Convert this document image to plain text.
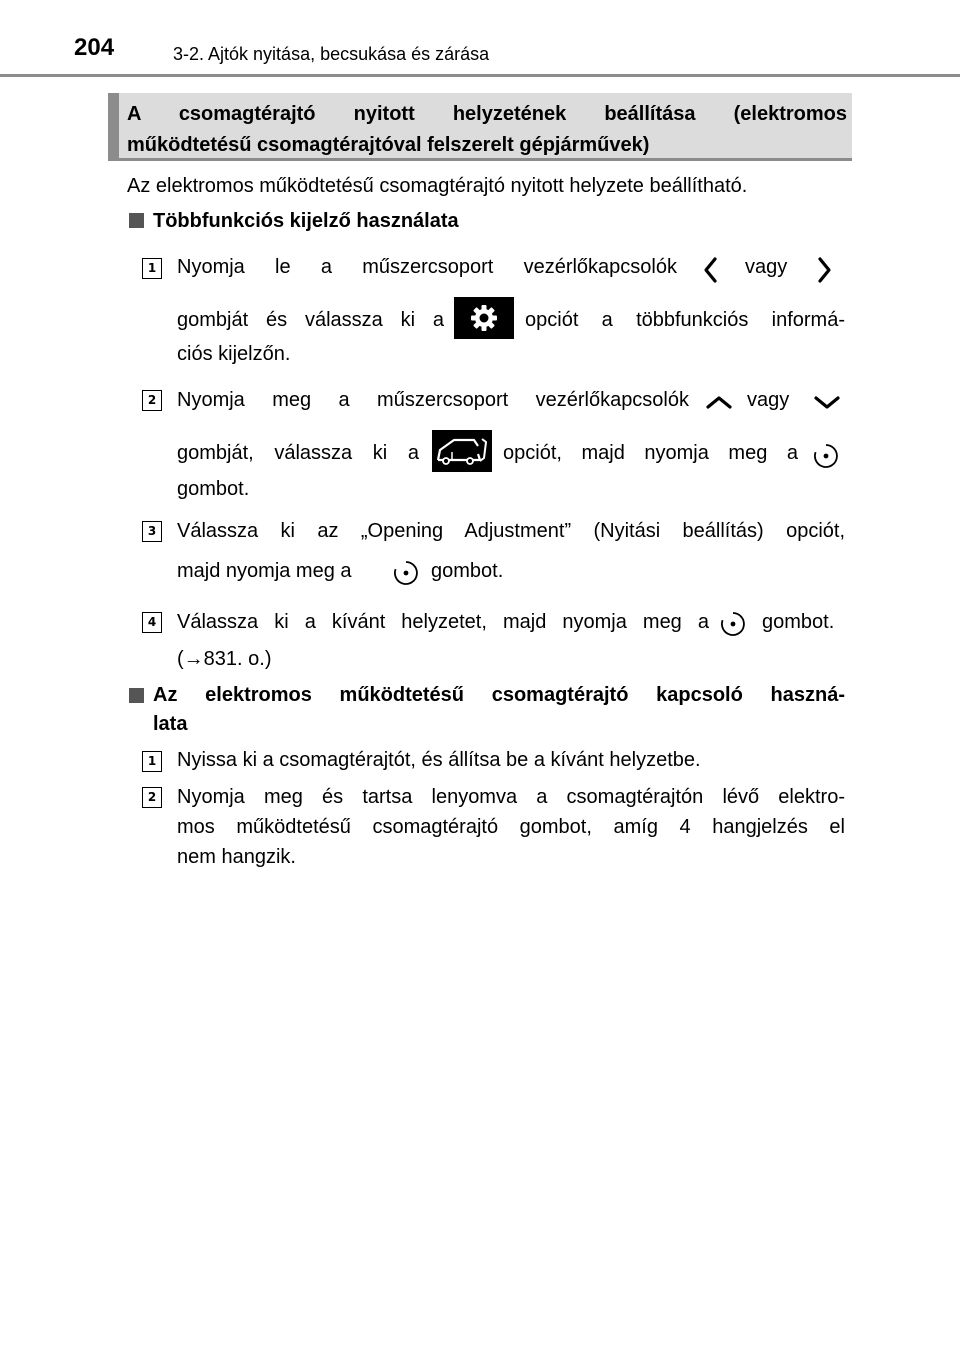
204	3-2. Ajtók nyitása, becsukása és zárása
A csomagtérajtó nyitott helyzetének beállítása (elektromos
működtetésű csomagtérajtóval felszerelt gépjárművek)
Az elektromos működtetésű csomagtérajtó nyitott helyzete beállítható.
Többfunkciós kijelző használata
1 Nyomja le a műszercsoport vezérlőkapcsolók	vagy
gombját és válassza ki a	opciót a többfunkciós informá-
ciós kijelzőn.
2 Nyomja meg a műszercsoport vezérlőkapcsolók	vagy
gombját, válassza ki a	opciót, majd nyomja meg a
gombot.
3 Válassza ki az „Opening Adjustment” (Nyitási beállítás) opciót,
majd nyomja meg a	gombot.
4 Válassza ki a kívánt helyzetet, majd nyomja meg a	gombot.
(→831. o.)
Az elektromos működtetésű csomagtérajtó kapcsoló haszná-
lata
1 Nyissa ki a csomagtérajtót, és állítsa be a kívánt helyzetbe.
2 Nyomja meg és tartsa lenyomva a csomagtérajtón lévő elektro-
mos működtetésű csomagtérajtó gombot, amíg 4 hangjelzés el
nem hangzik.
